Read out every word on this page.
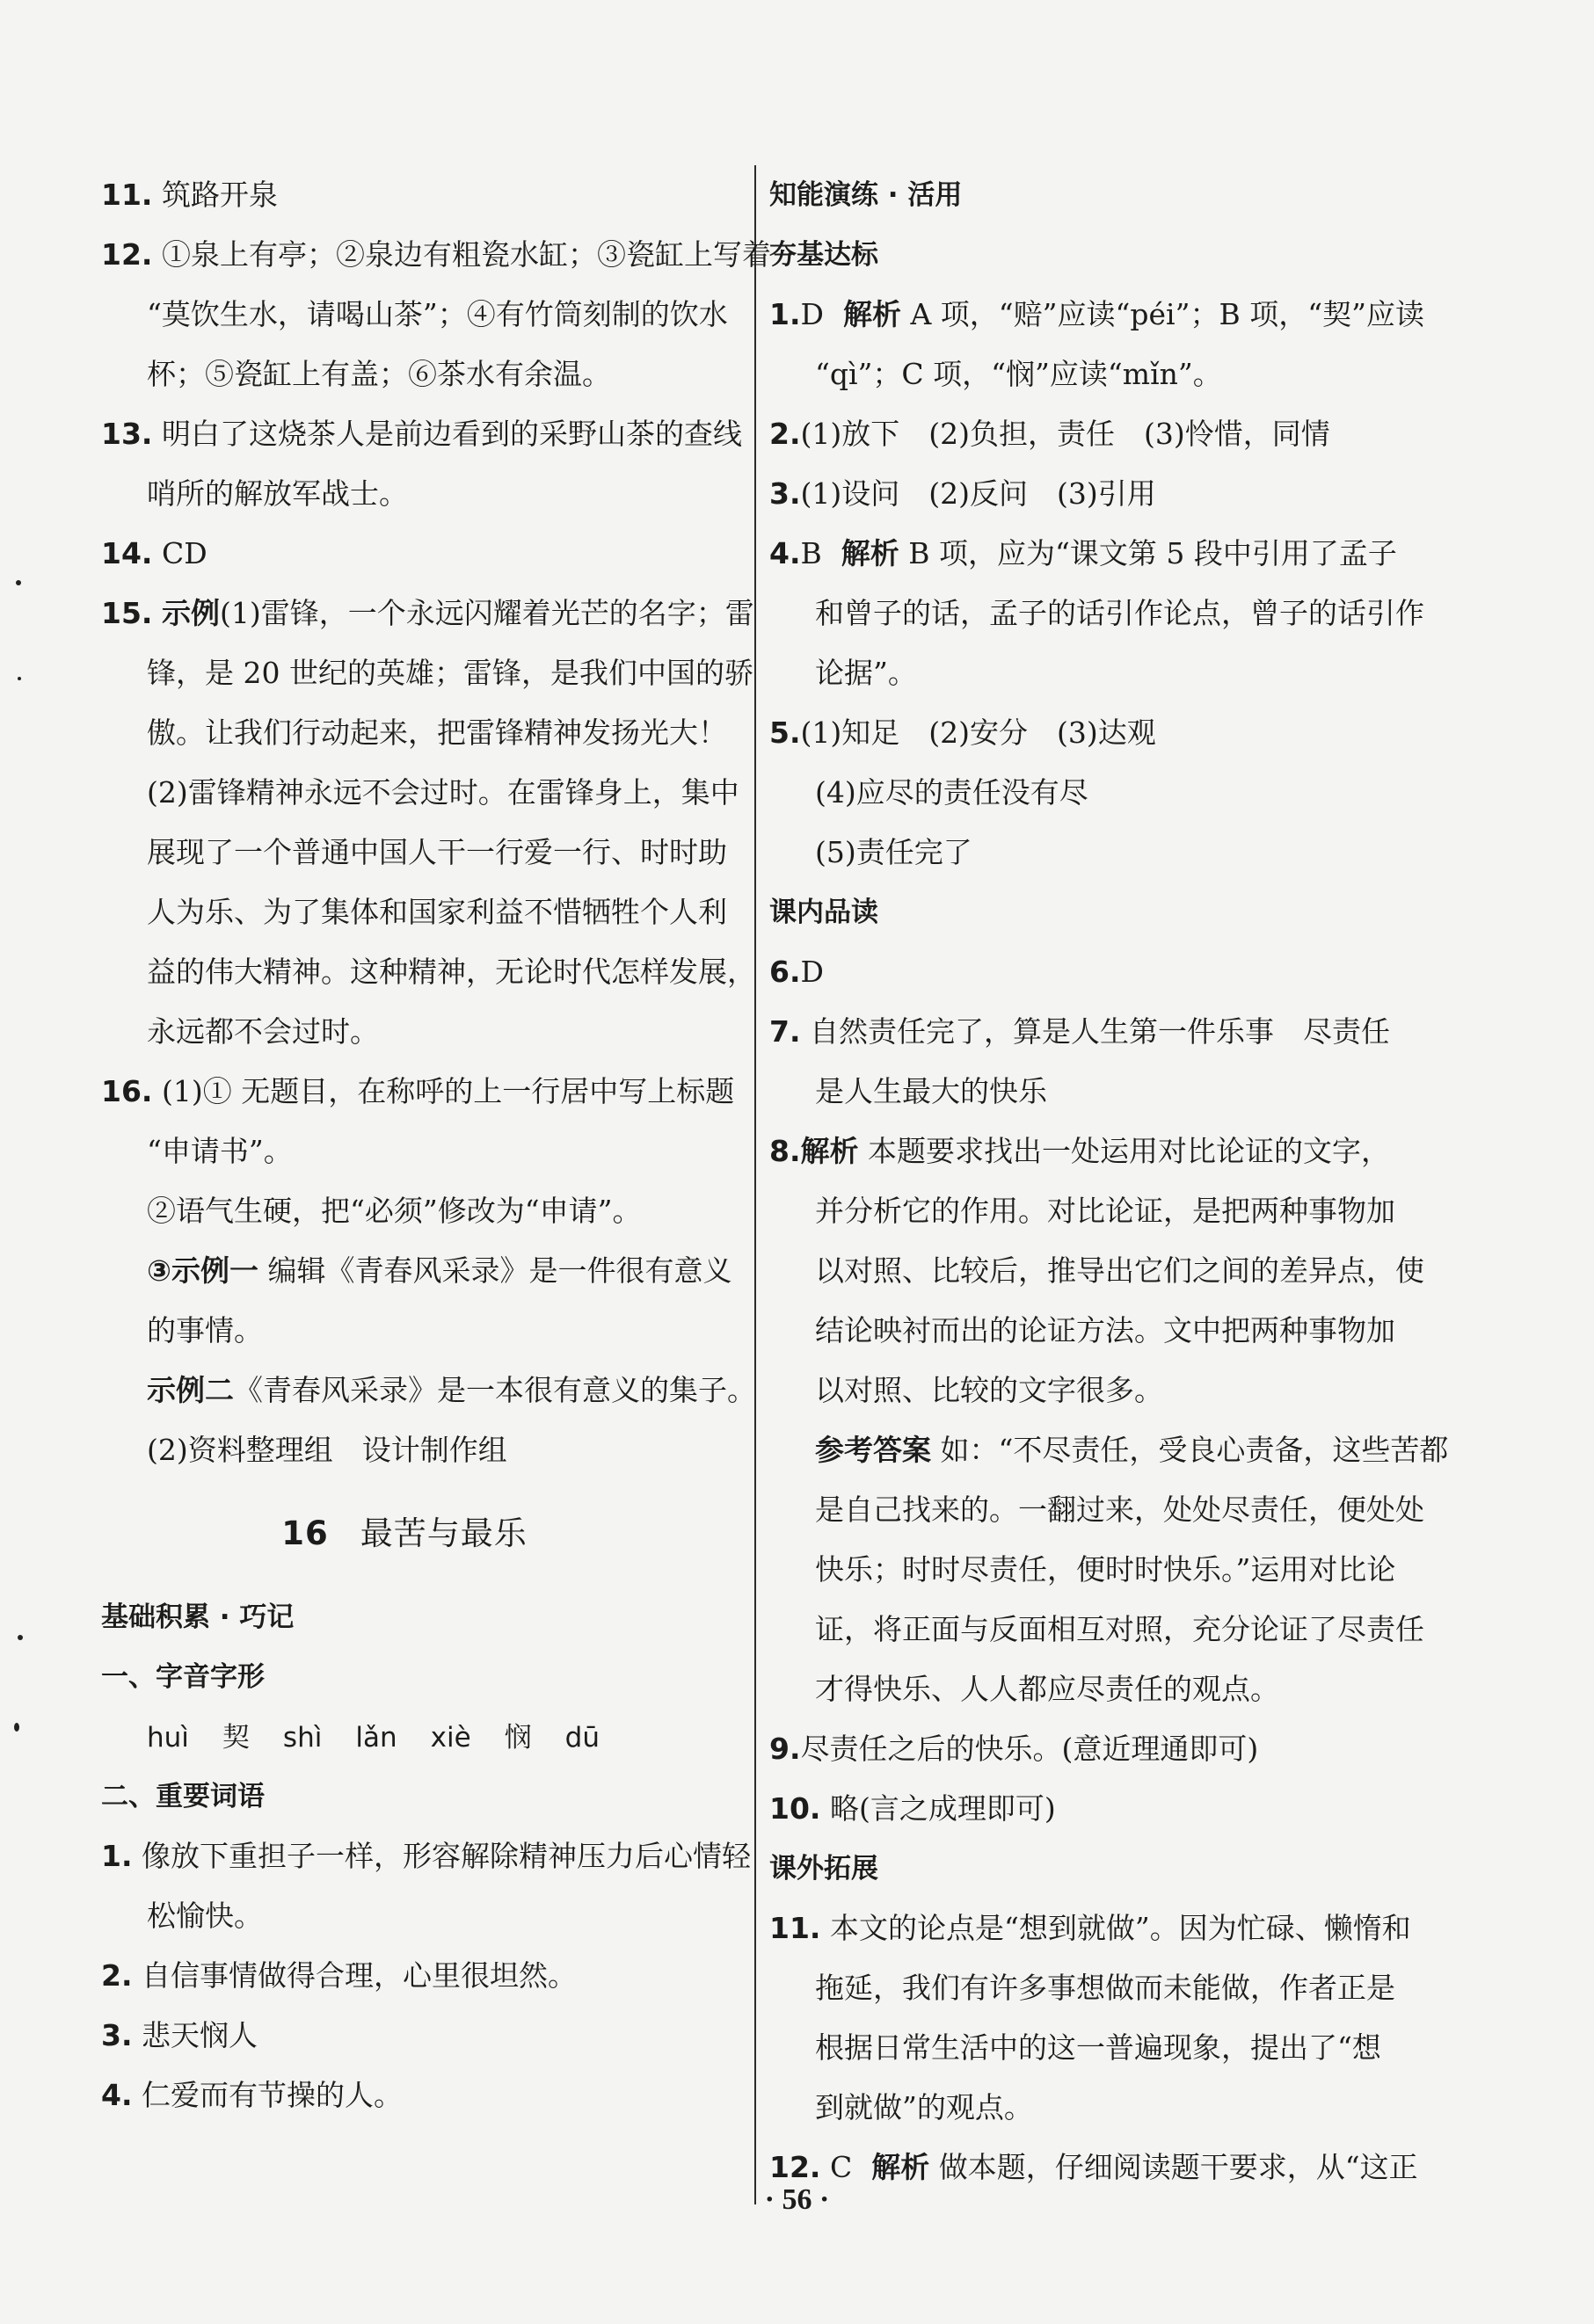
11. 筑路开泉
12. ①泉上有亭；②泉边有粗瓷水缸；③瓷缸上写着
“莫饮生水，请喝山茶”；④有竹筒刻制的饮水
杯；⑤瓷缸上有盖；⑥茶水有余温。
13. 明白了这烧茶人是前边看到的采野山茶的查线
哨所的解放军战士。
14. CD
15. 示例(1)雷锋，一个永远闪耀着光芒的名字；雷
锋，是 20 世纪的英雄；雷锋，是我们中国的骄
傲。让我们行动起来，把雷锋精神发扬光大！
(2)雷锋精神永远不会过时。在雷锋身上，集中
展现了一个普通中国人干一行爱一行、时时助
人为乐、为了集体和国家利益不惜牺牲个人利
益的伟大精神。这种精神，无论时代怎样发展，
永远都不会过时。
16. (1)① 无题目，在称呼的上一行居中写上标题
“申请书”。
②语气生硬，把“必须”修改为“申请”。
③示例一 编辑《青春风采录》是一件很有意义
的事情。
示例二《青春风采录》是一本很有意义的集子。
(2)资料整理组　设计制作组
16 最苦与最乐
基础积累 · 巧记
一、字音字形
huì 契 shì lǎn xiè 悯 dū
二、重要词语
1. 像放下重担子一样，形容解除精神压力后心情轻
松愉快。
2. 自信事情做得合理，心里很坦然。
3. 悲天悯人
4. 仁爱而有节操的人。
知能演练 · 活用
夯基达标
1.D 解析 A 项，“赔”应读“péi”；B 项，“契”应读
“qì”；C 项，“悯”应读“mǐn”。
2.(1)放下　(2)负担，责任　(3)怜惜，同情
3.(1)设问　(2)反问　(3)引用
4.B 解析 B 项，应为“课文第 5 段中引用了孟子
和曾子的话，孟子的话引作论点，曾子的话引作
论据”。
5.(1)知足　(2)安分　(3)达观
(4)应尽的责任没有尽
(5)责任完了
课内品读
6.D
7. 自然责任完了，算是人生第一件乐事　尽责任
是人生最大的快乐
8.解析 本题要求找出一处运用对比论证的文字，
并分析它的作用。对比论证，是把两种事物加
以对照、比较后，推导出它们之间的差异点，使
结论映衬而出的论证方法。文中把两种事物加
以对照、比较的文字很多。
参考答案 如：“不尽责任，受良心责备，这些苦都
是自己找来的。一翻过来，处处尽责任，便处处
快乐；时时尽责任，便时时快乐。”运用对比论
证，将正面与反面相互对照，充分论证了尽责任
才得快乐、人人都应尽责任的观点。
9.尽责任之后的快乐。(意近理通即可)
10. 略(言之成理即可)
课外拓展
11. 本文的论点是“想到就做”。因为忙碌、懒惰和
拖延，我们有许多事想做而未能做，作者正是
根据日常生活中的这一普遍现象，提出了“想
到就做”的观点。
12. C 解析 做本题，仔细阅读题干要求，从“这正
· 56 ·
